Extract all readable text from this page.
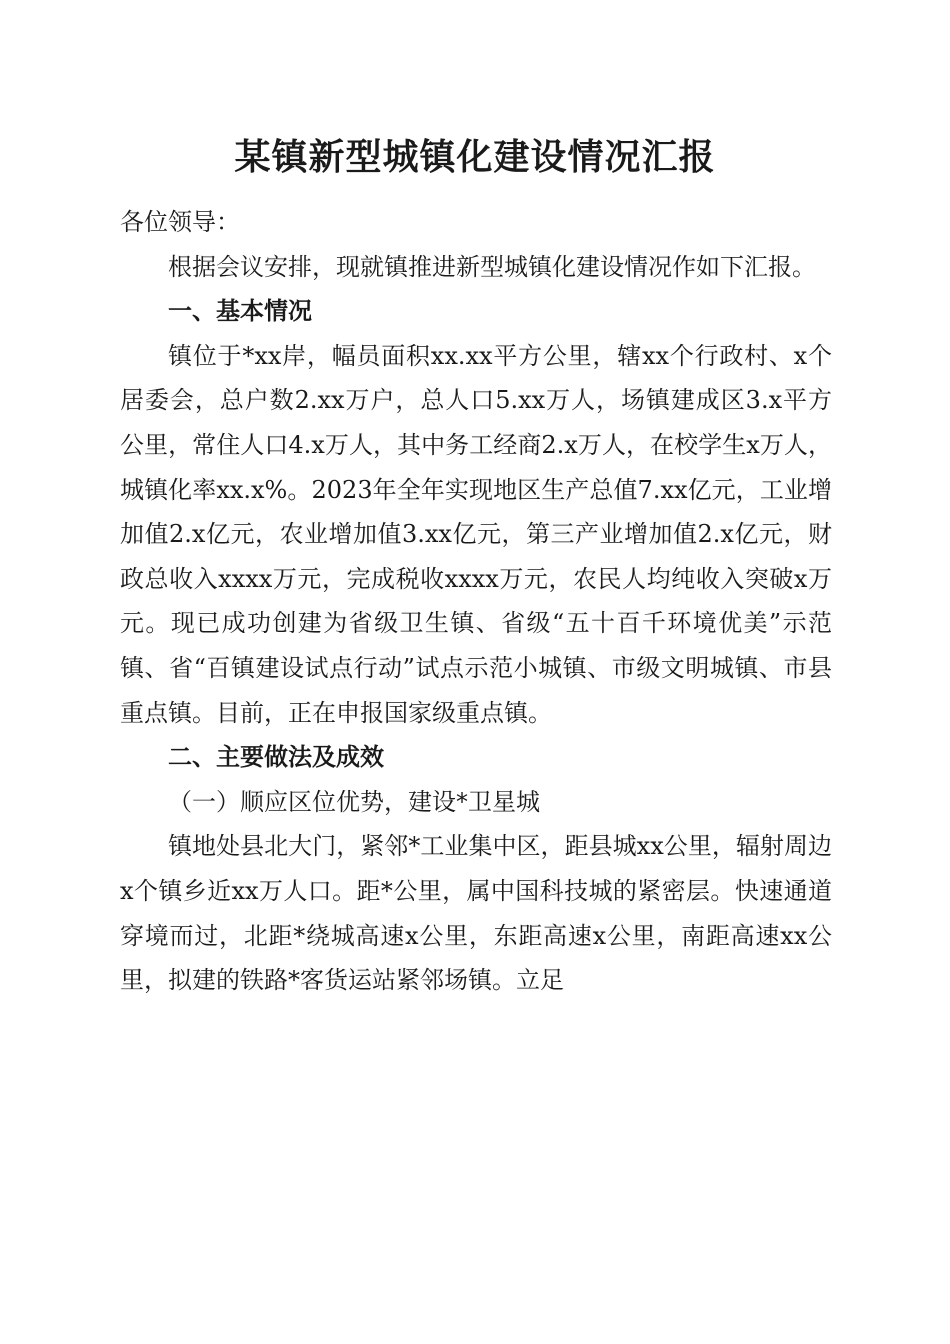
某镇新型城镇化建设情况汇报

各位领导：

根据会议安排，现就镇推进新型城镇化建设情况作如下汇报。

一、基本情况

镇位于*xx岸，幅员面积xx.xx平方公里，辖xx个行政村、x个居委会，总户数2.xx万户，总人口5.xx万人，场镇建成区3.x平方公里，常住人口4.x万人，其中务工经商2.x万人，在校学生x万人，城镇化率xx.x%。2023年全年实现地区生产总值7.xx亿元，工业增加值2.x亿元，农业增加值3.xx亿元，第三产业增加值2.x亿元，财政总收入xxxx万元，完成税收xxxx万元，农民人均纯收入突破x万元。现已成功创建为省级卫生镇、省级“五十百千环境优美”示范镇、省“百镇建设试点行动”试点示范小城镇、市级文明城镇、市县重点镇。目前，正在申报国家级重点镇。

二、主要做法及成效

（一）顺应区位优势，建设*卫星城

镇地处县北大门，紧邻*工业集中区，距县城xx公里，辐射周边x个镇乡近xx万人口。距*公里，属中国科技城的紧密层。快速通道穿境而过，北距*绕城高速x公里，东距高速x公里，南距高速xx公里，拟建的铁路*客货运站紧邻场镇。立足
